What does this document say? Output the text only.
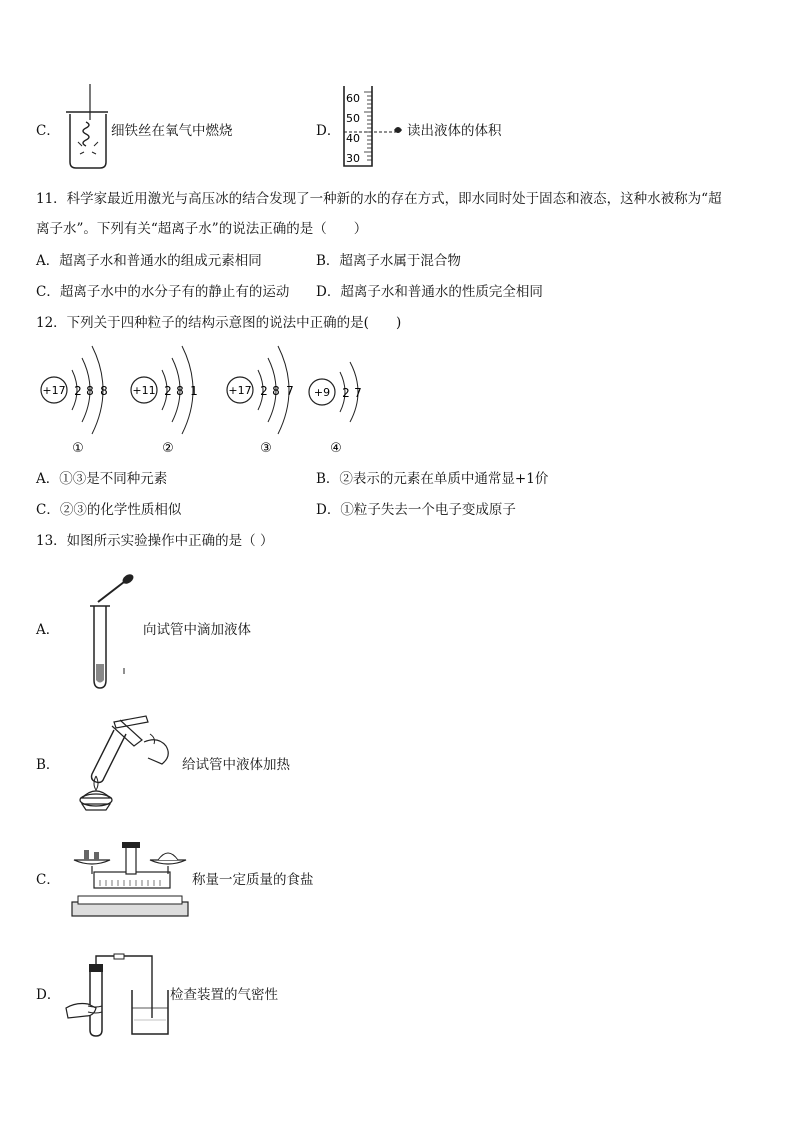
C．	细铁丝在氧气中燃烧	D．
60
50
40
30
读出液体的体积
11．科学家最近用激光与高压冰的结合发现了一种新的水的存在方式，即水同时处于固态和液态，这种水被称为“超
离子水”。下列有关“超离子水”的说法正确的是（　　）
A．超离子水和普通水的组成元素相同	B．超离子水属于混合物
C．超离子水中的水分子有的静止有的运动 D．超离子水和普通水的性质完全相同
12．下列关于四种粒子的结构示意图的说法中正确的是(　　)
+17 2 8 8
①
+11 2 8 1
②
+17 2 8 7
③
+9 2 7
④
A．①③是不同种元素	B．②表示的元素在单质中通常显+1价
C．②③的化学性质相似	D．①粒子失去一个电子变成原子
13．如图所示实验操作中正确的是（ ）
A．	向试管中滴加液体
B．	给试管中液体加热
C．	称量一定质量的食盐
D．	检查装置的气密性
